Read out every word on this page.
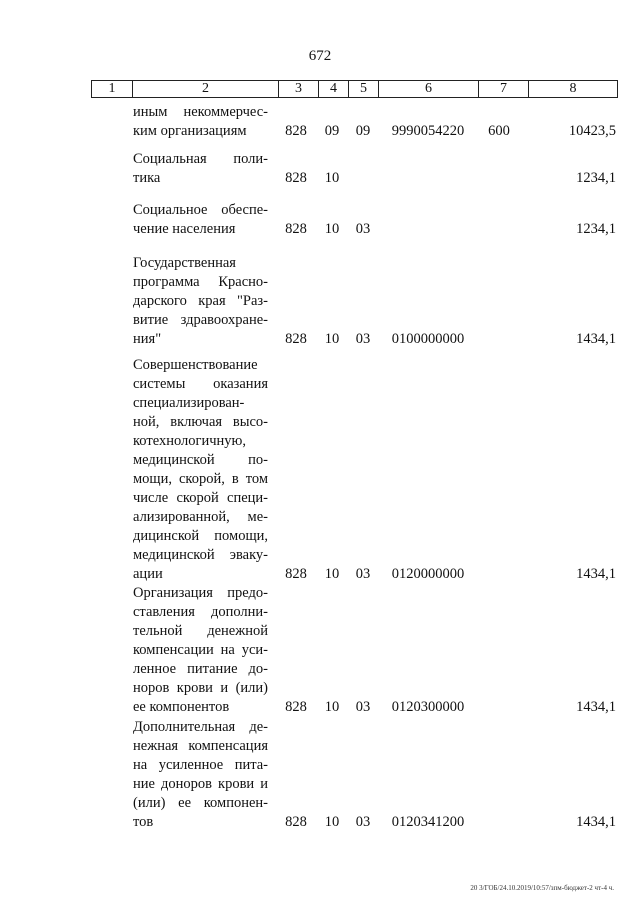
672
1	2	3	4	5	6	7	8
иным некоммерчес-
ким организациям	828 09 09 9990054220 600	10423,5
Социальная поли-
тика	828 10	1234,1
Социальное обеспе-
чение населения	828 10 03	1234,1
Государственная
программа Красно-
дарского края "Раз-
витие здравоохране-
ния"	828 10 03 0100000000	1434,1
Совершенствование
системы оказания
специализирован-
ной, включая высо-
котехнологичную,
медицинской по-
мощи, скорой, в том
числе скорой специ-
ализированной, ме-
дицинской помощи,
медицинской эваку-
ации	828 10 03 0120000000	1434,1
Организация предо-
ставления дополни-
тельной денежной
компенсации на уси-
ленное питание до-
норов крови и (или)
ее компонентов	828 10 03 0120300000	1434,1
Дополнительная де-
нежная компенсация
на усиленное пита-
ние доноров крови и
(или) ее компонен-
тов	828 10 03 0120341200	1434,1
20 3/ГОБ/24.10.2019/10:57/зпм-бюджет-2 чт-4 ч.
